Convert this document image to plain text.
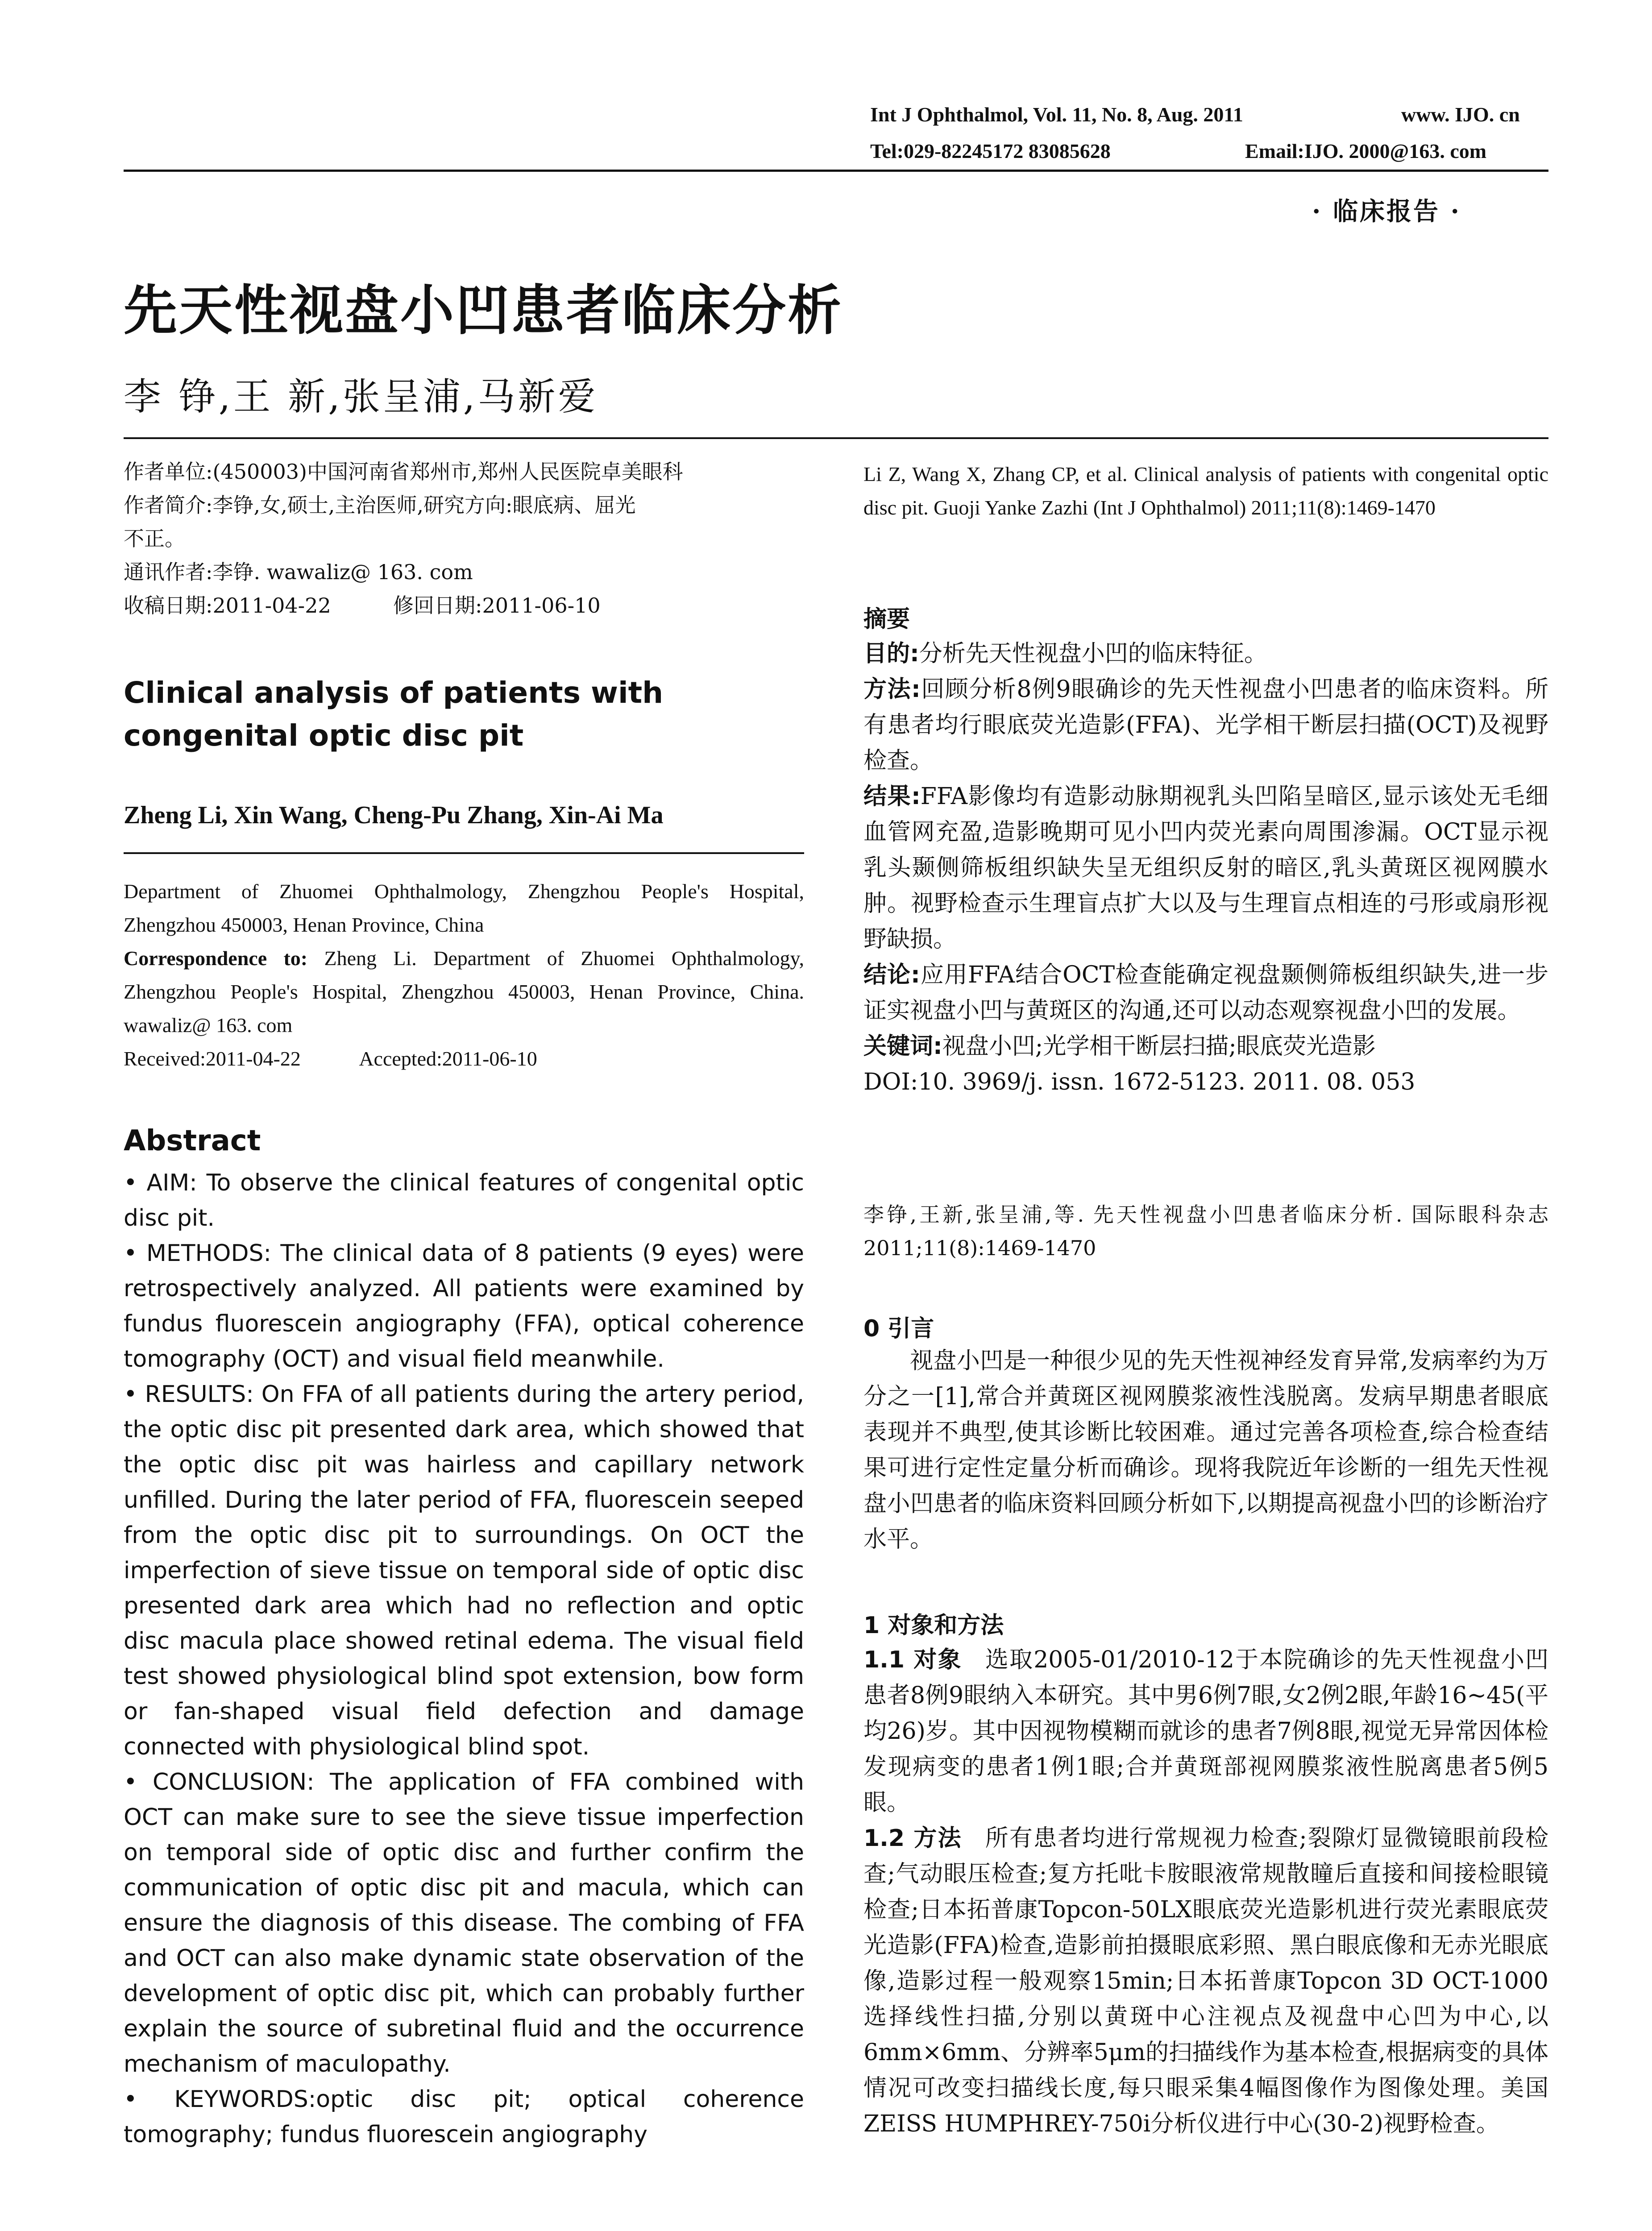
Int J Ophthalmol, Vol. 11, No. 8, Aug. 2011	www. IJO. cn
Tel:029-82245172 83085628	Email:IJO. 2000@163. com
· 临床报告 ·
先天性视盘小凹患者临床分析
李 铮,王 新,张呈浦,马新爱
作者单位:(450003)中国河南省郑州市,郑州人民医院卓美眼科
作者简介:李铮,女,硕士,主治医师,研究方向:眼底病、屈光
不正。
通讯作者:李铮. wawaliz@ 163. com
收稿日期:2011-04-22	修回日期:2011-06-10
Clinical analysis of patients with congenital optic disc pit
Zheng Li, Xin Wang, Cheng-Pu Zhang, Xin-Ai Ma
Department of Zhuomei Ophthalmology, Zhengzhou People's Hospital, Zhengzhou 450003, Henan Province, China
Correspondence to: Zheng Li. Department of Zhuomei Ophthalmology, Zhengzhou People's Hospital, Zhengzhou 450003, Henan Province, China. wawaliz@ 163. com
Received:2011-04-22	Accepted:2011-06-10
Abstract
• AIM: To observe the clinical features of congenital optic disc pit.
• METHODS: The clinical data of 8 patients (9 eyes) were retrospectively analyzed. All patients were examined by fundus fluorescein angiography (FFA), optical coherence tomography (OCT) and visual field meanwhile.
• RESULTS: On FFA of all patients during the artery period, the optic disc pit presented dark area, which showed that the optic disc pit was hairless and capillary network unfilled. During the later period of FFA, fluorescein seeped from the optic disc pit to surroundings. On OCT the imperfection of sieve tissue on temporal side of optic disc presented dark area which had no reflection and optic disc macula place showed retinal edema. The visual field test showed physiological blind spot extension, bow form or fan-shaped visual field defection and damage connected with physiological blind spot.
• CONCLUSION: The application of FFA combined with OCT can make sure to see the sieve tissue imperfection on temporal side of optic disc and further confirm the communication of optic disc pit and macula, which can ensure the diagnosis of this disease. The combing of FFA and OCT can also make dynamic state observation of the development of optic disc pit, which can probably further explain the source of subretinal fluid and the occurrence mechanism of maculopathy.
• KEYWORDS:optic disc pit; optical coherence tomography; fundus fluorescein angiography
Li Z, Wang X, Zhang CP, et al. Clinical analysis of patients with congenital optic disc pit. Guoji Yanke Zazhi (Int J Ophthalmol) 2011;11(8):1469-1470
摘要
目的:分析先天性视盘小凹的临床特征。
方法:回顾分析8例9眼确诊的先天性视盘小凹患者的临床资料。所有患者均行眼底荧光造影(FFA)、光学相干断层扫描(OCT)及视野检查。
结果:FFA影像均有造影动脉期视乳头凹陷呈暗区,显示该处无毛细血管网充盈,造影晚期可见小凹内荧光素向周围渗漏。OCT显示视乳头颞侧筛板组织缺失呈无组织反射的暗区,乳头黄斑区视网膜水肿。视野检查示生理盲点扩大以及与生理盲点相连的弓形或扇形视野缺损。
结论:应用FFA结合OCT检查能确定视盘颞侧筛板组织缺失,进一步证实视盘小凹与黄斑区的沟通,还可以动态观察视盘小凹的发展。
关键词:视盘小凹;光学相干断层扫描;眼底荧光造影
DOI:10. 3969/j. issn. 1672-5123. 2011. 08. 053
李铮,王新,张呈浦,等. 先天性视盘小凹患者临床分析. 国际眼科杂志 2011;11(8):1469-1470
0 引言
视盘小凹是一种很少见的先天性视神经发育异常,发病率约为万分之一[1],常合并黄斑区视网膜浆液性浅脱离。发病早期患者眼底表现并不典型,使其诊断比较困难。通过完善各项检查,综合检查结果可进行定性定量分析而确诊。现将我院近年诊断的一组先天性视盘小凹患者的临床资料回顾分析如下,以期提高视盘小凹的诊断治疗水平。
1 对象和方法
1.1 对象 选取2005-01/2010-12于本院确诊的先天性视盘小凹患者8例9眼纳入本研究。其中男6例7眼,女2例2眼,年龄16~45(平均26)岁。其中因视物模糊而就诊的患者7例8眼,视觉无异常因体检发现病变的患者1例1眼;合并黄斑部视网膜浆液性脱离患者5例5眼。
1.2 方法 所有患者均进行常规视力检查;裂隙灯显微镜眼前段检查;气动眼压检查;复方托吡卡胺眼液常规散瞳后直接和间接检眼镜检查;日本拓普康Topcon-50LX眼底荧光造影机进行荧光素眼底荧光造影(FFA)检查,造影前拍摄眼底彩照、黑白眼底像和无赤光眼底像,造影过程一般观察15min;日本拓普康Topcon 3D OCT-1000选择线性扫描,分别以黄斑中心注视点及视盘中心凹为中心,以6mm×6mm、分辨率5μm的扫描线作为基本检查,根据病变的具体情况可改变扫描线长度,每只眼采集4幅图像作为图像处理。美国ZEISS HUMPHREY-750i分析仪进行中心(30-2)视野检查。
